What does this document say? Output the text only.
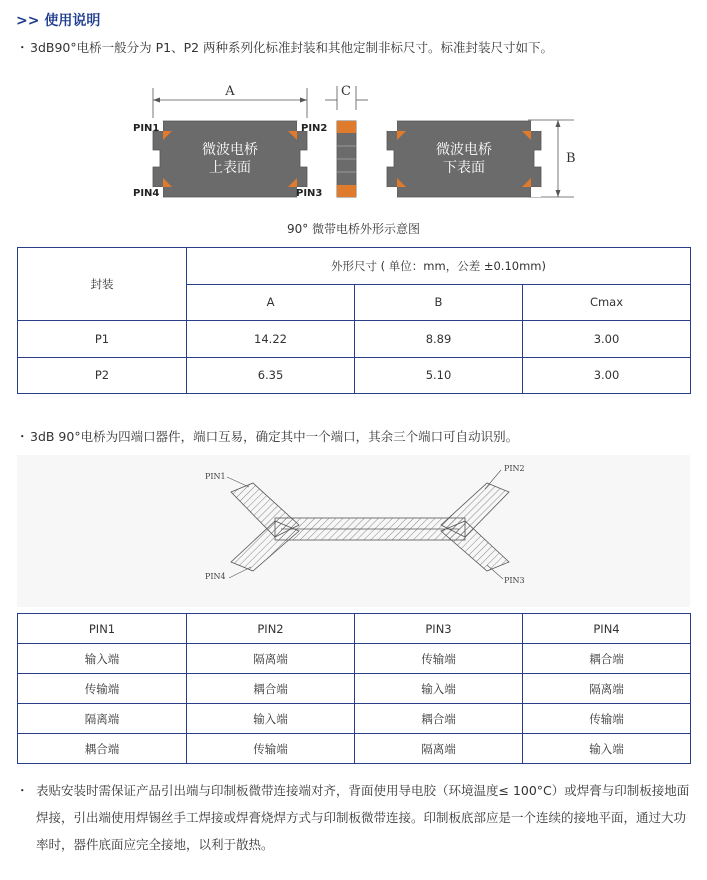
>> 使用说明
・3dB90°电桥一般分为 P1、P2 两种系列化标准封装和其他定制非标尺寸。标准封装尺寸如下。
A	C
B
微波电桥
上表面
PIN1	PIN2
PIN3
PIN4
微波电桥
下表面
90° 微带电桥外形示意图
封装	外形尺寸 ( 单位：mm，公差 ±0.10mm)		
	A	B	Cmax
P1	14.22	8.89	3.00
P2	6.35	5.10	3.00
・3dB 90°电桥为四端口器件，端口互易，确定其中一个端口，其余三个端口可自动识别。
PIN1
PIN2
PIN3
PIN4
PIN1	PIN2	PIN3	PIN4
输入端	隔离端	传输端	耦合端
传输端	耦合端	输入端	隔离端
隔离端	输入端	耦合端	传输端
耦合端	传输端	隔离端	输入端
・ 表贴安装时需保证产品引出端与印制板微带连接端对齐，背面使用导电胶（环境温度≤ 100°C）或焊膏与印制板接地面焊接，引出端使用焊锡丝手工焊接或焊膏烧焊方式与印制板微带连接。印制板底部应是一个连续的接地平面，通过大功率时，器件底面应完全接地，以利于散热。
